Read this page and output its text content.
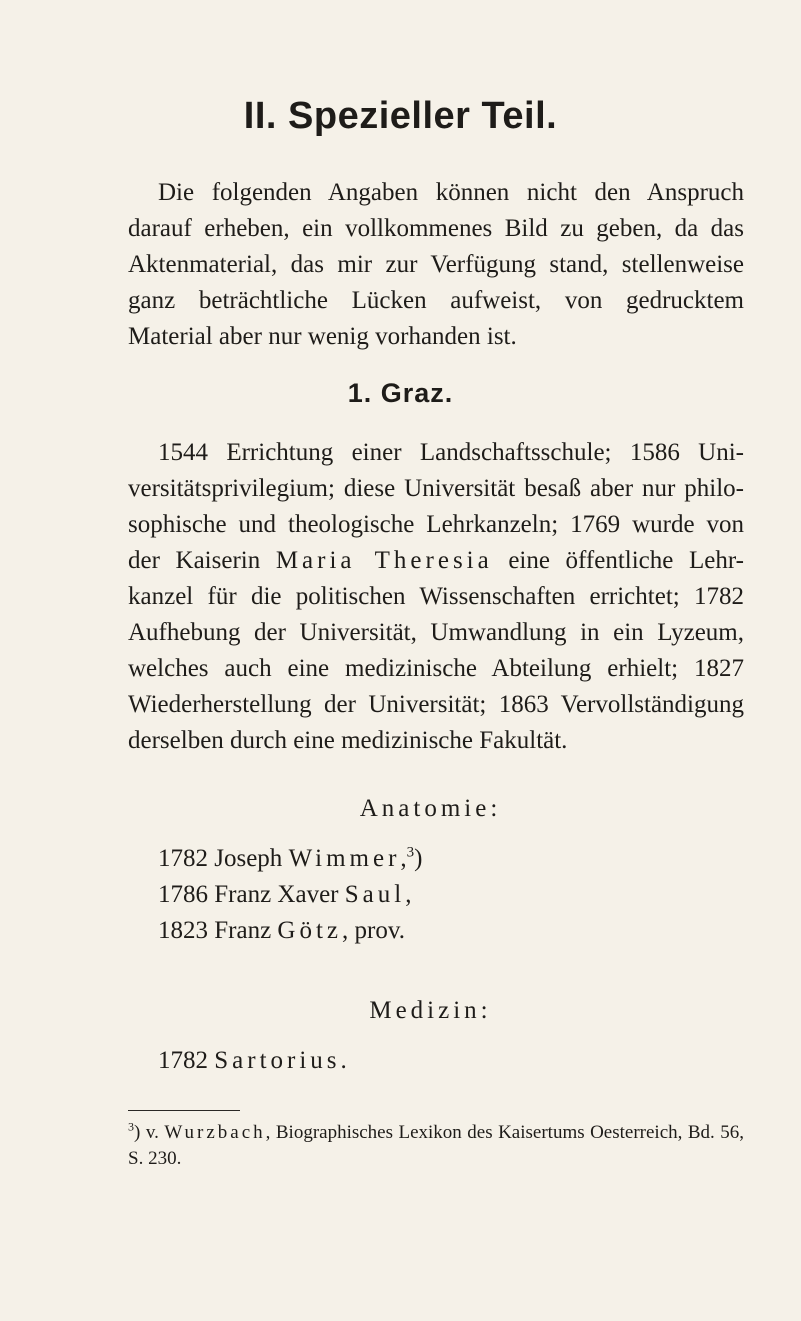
II. Spezieller Teil.

Die folgenden Angaben können nicht den Anspruch darauf erheben, ein vollkommenes Bild zu geben, da das Aktenmaterial, das mir zur Verfügung stand, stellenweise ganz beträchtliche Lücken aufweist, von gedrucktem Material aber nur wenig vorhanden ist.

1. Graz.

1544 Errichtung einer Landschaftsschule; 1586 Uni- versitätsprivilegium; diese Universität besaß aber nur philo- sophische und theologische Lehrkanzeln; 1769 wurde von der Kaiserin Maria Theresia eine öffentliche Lehr- kanzel für die politischen Wissenschaften errichtet; 1782 Aufhebung der Universität, Umwandlung in ein Lyzeum, welches auch eine medizinische Abteilung erhielt; 1827 Wiederherstellung der Universität; 1863 Vervollständigung derselben durch eine medizinische Fakultät.

Anatomie:
1782 Joseph Wimmer,$^3$)
1786 Franz Xaver Saul,
1823 Franz Götz, prov.
Medizin:
1782 Sartorius.
$^3$) v. Wurzbach, Biographisches Lexikon des Kaisertums Oesterreich, Bd. 56, S. 230.
